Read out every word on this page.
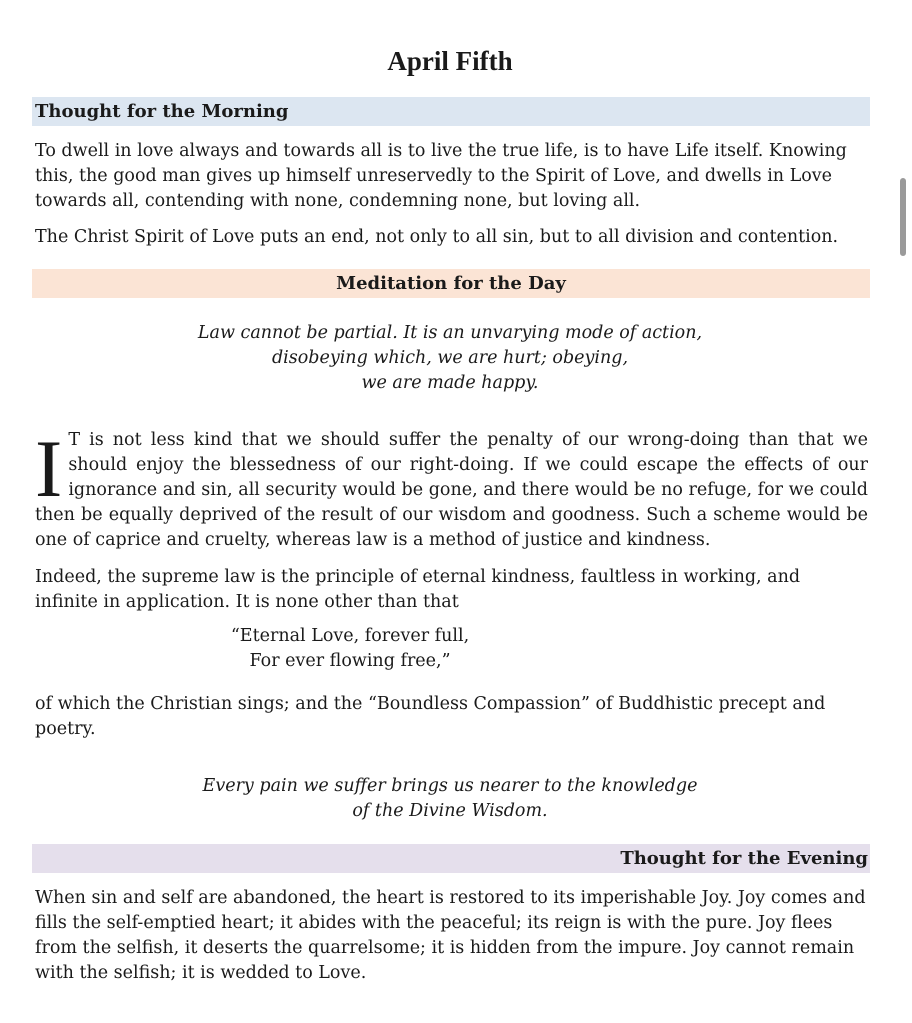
April Fifth
Thought for the Morning

To dwell in love always and towards all is to live the true life, is to have Life itself. Knowing this, the good man gives up himself unreservedly to the Spirit of Love, and dwells in Love towards all, contending with none, condemning none, but loving all.

The Christ Spirit of Love puts an end, not only to all sin, but to all division and contention.

Meditation for the Day
Law cannot be partial. It is an unvarying mode of action,
disobeying which, we are hurt; obeying,
we are made happy.

I T is not less kind that we should suffer the penalty of our wrong-doing than that we should enjoy the blessedness of our right-doing. If we could escape the effects of our ignorance and sin, all security would be gone, and there would be no refuge, for we could then be equally deprived of the result of our wisdom and goodness. Such a scheme would be one of caprice and cruelty, whereas law is a method of justice and kindness.

Indeed, the supreme law is the principle of eternal kindness, faultless in working, and infinite in application. It is none other than that

“Eternal Love, forever full,
For ever flowing free,”

of which the Christian sings; and the “Boundless Compassion” of Buddhistic precept and poetry.

Every pain we suffer brings us nearer to the knowledge
of the Divine Wisdom.
Thought for the Evening

When sin and self are abandoned, the heart is restored to its imperishable Joy. Joy comes and fills the self-emptied heart; it abides with the peaceful; its reign is with the pure. Joy flees from the selfish, it deserts the quarrelsome; it is hidden from the impure. Joy cannot remain with the selfish; it is wedded to Love.
